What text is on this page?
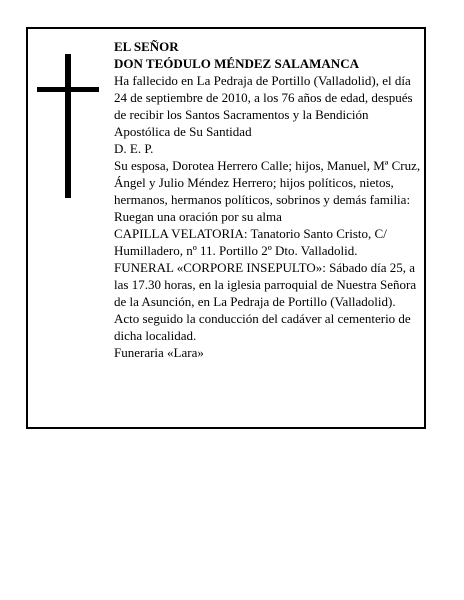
EL SEÑOR

DON TEÓDULO MÉNDEZ SALAMANCA

Ha fallecido en La Pedraja de Portillo (Valladolid), el día 24 de septiembre de 2010, a los 76 años de edad, después de recibir los Santos Sacramentos y la Bendición Apostólica de Su Santidad

D. E. P.

Su esposa, Dorotea Herrero Calle; hijos, Manuel, Mª Cruz, Ángel y Julio Méndez Herrero; hijos políticos, nietos, hermanos, hermanos políticos, sobrinos y demás familia:

Ruegan una oración por su alma

CAPILLA VELATORIA: Tanatorio Santo Cristo, C/ Humilladero, nº 11. Portillo 2º Dto. Valladolid.

FUNERAL «CORPORE INSEPULTO»: Sábado día 25, a las 17.30 horas, en la iglesia parroquial de Nuestra Señora de la Asunción, en La Pedraja de Portillo (Valladolid). Acto seguido la conducción del cadáver al cementerio de dicha localidad.

Funeraria «Lara»
